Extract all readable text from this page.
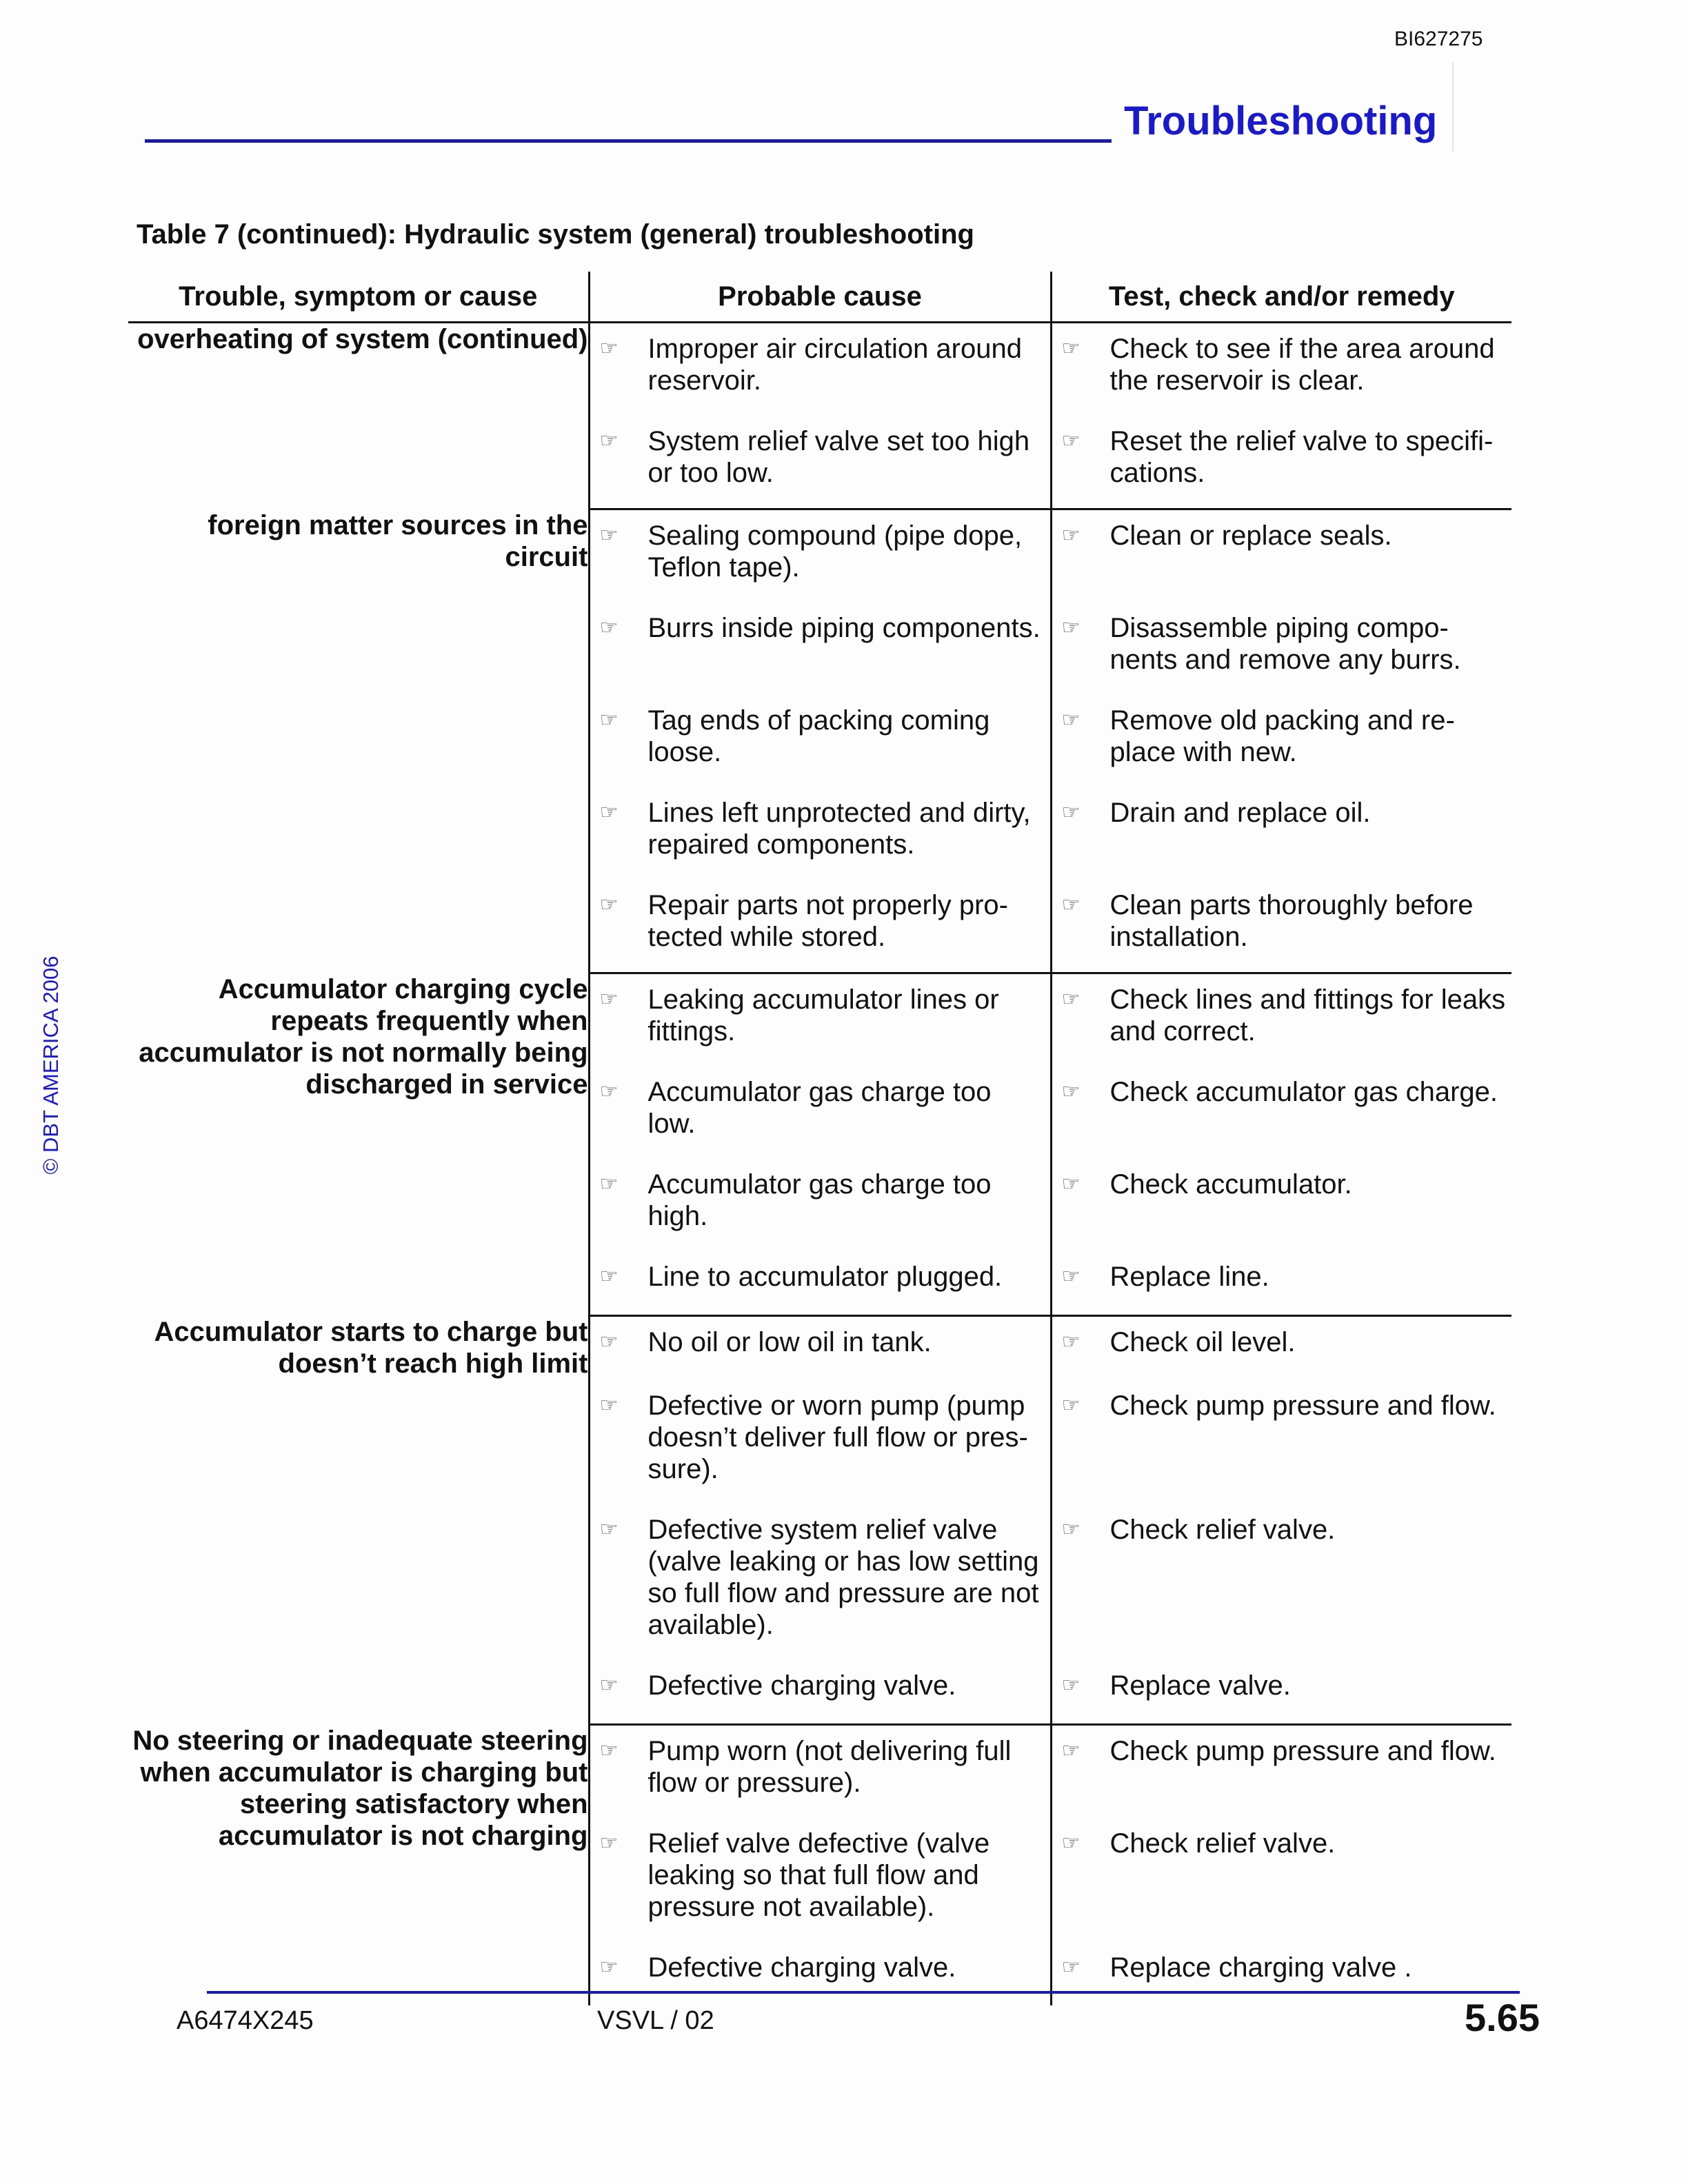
BI627275
Troubleshooting
© DBT AMERICA 2006
Table 7 (continued): Hydraulic system (general) troubleshooting
Trouble, symptom or cause	Probable cause	Test, check and/or remedy
overheating of system (continued)	☞ Improper air circulation around reservoir.	☞ Check to see if the area around the reservoir is clear.

	☞ System relief valve set too high or too low.	☞ Reset the relief valve to specifi-cations.

foreign matter sources in the circuit	☞ Sealing compound (pipe dope, Teflon tape).	☞ Clean or replace seals.

	☞ Burrs inside piping components.	☞ Disassemble piping compo-nents and remove any burrs.

	☞ Tag ends of packing coming loose.	☞ Remove old packing and re-place with new.

	☞ Lines left unprotected and dirty, repaired components.	☞ Drain and replace oil.

	☞ Repair parts not properly pro-tected while stored.	☞ Clean parts thoroughly before installation.

Accumulator charging cycle repeats frequently when accumulator is not normally being discharged in service	☞ Leaking accumulator lines or fittings.	☞ Check lines and fittings for leaks and correct.

	☞ Accumulator gas charge too low.	☞ Check accumulator gas charge.

	☞ Accumulator gas charge too high.	☞ Check accumulator.

	☞ Line to accumulator plugged.	☞ Replace line.

Accumulator starts to charge but doesn’t reach high limit	☞ No oil or low oil in tank.	☞ Check oil level.

	☞ Defective or worn pump (pump doesn’t deliver full flow or pres-sure).	☞ Check pump pressure and flow.

	☞ Defective system relief valve (valve leaking or has low setting so full flow and pressure are not available).	☞ Check relief valve.

	☞ Defective charging valve.	☞ Replace valve.

No steering or inadequate steering when accumulator is charging but steering satisfactory when accumulator is not charging	☞ Pump worn (not delivering full flow or pressure).	☞ Check pump pressure and flow.

	☞ Relief valve defective (valve leaking so that full flow and pressure not available).	☞ Check relief valve.

	☞ Defective charging valve.	☞ Replace charging valve .
A6474X245	VSVL / 02	5.65
